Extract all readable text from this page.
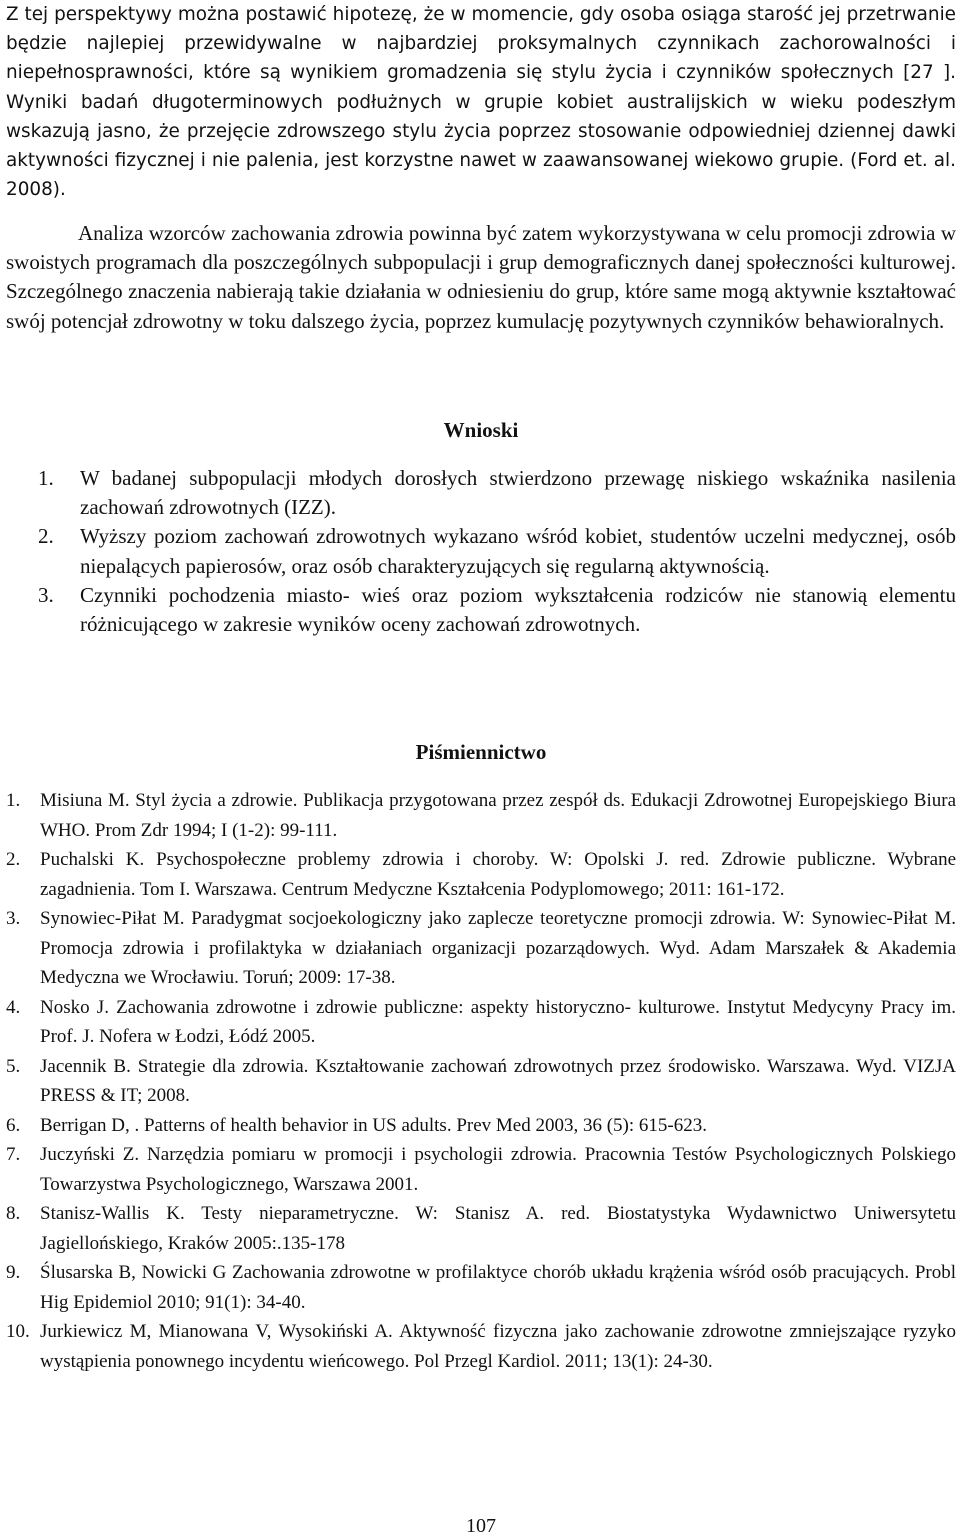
Z tej perspektywy można postawić hipotezę, że w momencie, gdy osoba osiąga starość jej przetrwanie będzie najlepiej przewidywalne w najbardziej proksymalnych czynnikach zachorowalności i niepełnosprawności, które są wynikiem gromadzenia się stylu życia i czynników społecznych [27 ]. Wyniki badań długoterminowych podłużnych w grupie kobiet australijskich w wieku podeszłym wskazują jasno, że przejęcie zdrowszego stylu życia poprzez stosowanie odpowiedniej dziennej dawki aktywności fizycznej i nie palenia, jest korzystne nawet w zaawansowanej wiekowo grupie. (Ford et. al. 2008).

Analiza wzorców zachowania zdrowia powinna być zatem wykorzystywana w celu promocji zdrowia w swoistych programach dla poszczególnych subpopulacji i grup demograficznych danej społeczności kulturowej. Szczególnego znaczenia nabierają takie działania w odniesieniu do grup, które same mogą aktywnie kształtować swój potencjał zdrowotny w toku dalszego życia, poprzez kumulację pozytywnych czynników behawioralnych.

Wnioski
1. W badanej subpopulacji młodych dorosłych stwierdzono przewagę niskiego wskaźnika nasilenia zachowań zdrowotnych (IZZ).
2. Wyższy poziom zachowań zdrowotnych wykazano wśród kobiet, studentów uczelni medycznej, osób niepalących papierosów, oraz osób charakteryzujących się regularną aktywnością.
3. Czynniki pochodzenia miasto- wieś oraz poziom wykształcenia rodziców nie stanowią elementu różnicującego w zakresie wyników oceny zachowań zdrowotnych.
Piśmiennictwo
1. Misiuna M. Styl życia a zdrowie. Publikacja przygotowana przez zespół ds. Edukacji Zdrowotnej Europejskiego Biura WHO. Prom Zdr 1994; I (1-2): 99-111.
2. Puchalski K. Psychospołeczne problemy zdrowia i choroby. W: Opolski J. red. Zdrowie publiczne. Wybrane zagadnienia. Tom I. Warszawa. Centrum Medyczne Kształcenia Podyplomowego; 2011: 161-172.
3. Synowiec-Piłat M. Paradygmat socjoekologiczny jako zaplecze teoretyczne promocji zdrowia. W: Synowiec-Piłat M. Promocja zdrowia i profilaktyka w działaniach organizacji pozarządowych. Wyd. Adam Marszałek & Akademia Medyczna we Wrocławiu. Toruń; 2009: 17-38.
4. Nosko J. Zachowania zdrowotne i zdrowie publiczne: aspekty historyczno- kulturowe. Instytut Medycyny Pracy im. Prof. J. Nofera w Łodzi, Łódź 2005.
5. Jacennik B. Strategie dla zdrowia. Kształtowanie zachowań zdrowotnych przez środowisko. Warszawa. Wyd. VIZJA PRESS & IT; 2008.
6. Berrigan D, . Patterns of health behavior in US adults. Prev Med 2003, 36 (5): 615-623.
7. Juczyński Z. Narzędzia pomiaru w promocji i psychologii zdrowia. Pracownia Testów Psychologicznych Polskiego Towarzystwa Psychologicznego, Warszawa 2001.
8. Stanisz-Wallis K. Testy nieparametryczne. W: Stanisz A. red. Biostatystyka Wydawnictwo Uniwersytetu Jagiellońskiego, Kraków 2005:.135-178
9. Ślusarska B, Nowicki G Zachowania zdrowotne w profilaktyce chorób układu krążenia wśród osób pracujących. Probl Hig Epidemiol 2010; 91(1): 34-40.
10. Jurkiewicz M, Mianowana V, Wysokiński A. Aktywność fizyczna jako zachowanie zdrowotne zmniejszające ryzyko wystąpienia ponownego incydentu wieńcowego. Pol Przegl Kardiol. 2011; 13(1): 24-30.
107
